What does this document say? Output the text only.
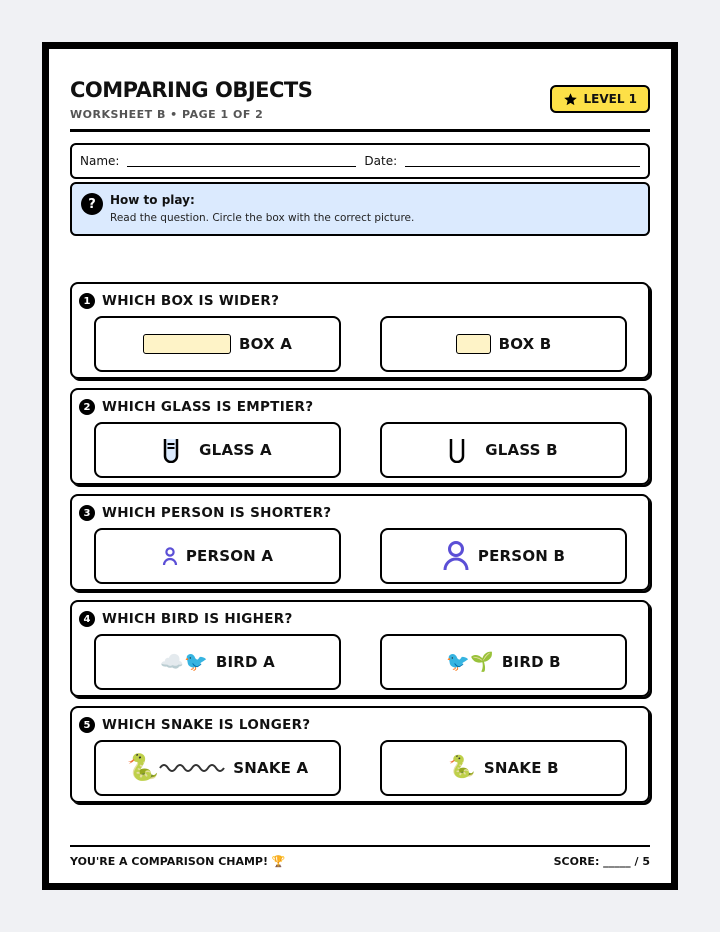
COMPARING OBJECTS
WORKSHEET B • PAGE 1 OF 2
LEVEL 1
Name:	Date:
?	How to play:
Read the question. Circle the box with the correct picture.
1 WHICH BOX IS WIDER?
BOX A	BOX B
2 WHICH GLASS IS EMPTIER?
GLASS A	GLASS B
3 WHICH PERSON IS SHORTER?
PERSON A	PERSON B
4 WHICH BIRD IS HIGHER?
☁️🐦 BIRD A	🐦🌱 BIRD B
5 WHICH SNAKE IS LONGER?
🐍	SNAKE A	🐍 SNAKE B
YOU'RE A COMPARISON CHAMP! 🏆	SCORE: _____ / 5
